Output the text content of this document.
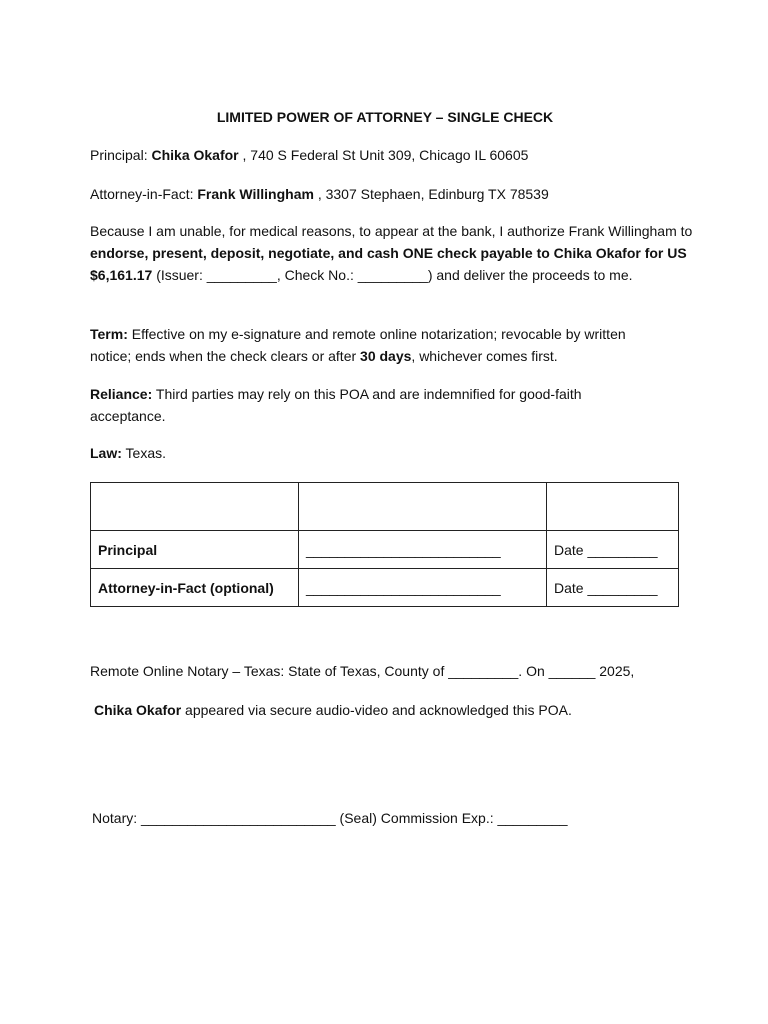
LIMITED POWER OF ATTORNEY – SINGLE CHECK
Principal: Chika Okafor , 740 S Federal St Unit 309, Chicago IL 60605
Attorney-in-Fact: Frank Willingham , 3307 Stephaen, Edinburg TX 78539
Because I am unable, for medical reasons, to appear at the bank, I authorize Frank Willingham to endorse, present, deposit, negotiate, and cash ONE check payable to Chika Okafor for US $6,161.17 (Issuer: _________, Check No.: _________) and deliver the proceeds to me.
Term: Effective on my e-signature and remote online notarization; revocable by written notice; ends when the check clears or after 30 days, whichever comes first.
Reliance: Third parties may rely on this POA and are indemnified for good-faith acceptance.
Law: Texas.

Principal	_________________________	Date _________
Attorney-in-Fact (optional)	_________________________	Date _________
Remote Online Notary – Texas: State of Texas, County of _________. On ______ 2025,
Chika Okafor appeared via secure audio-video and acknowledged this POA.
Notary: _________________________ (Seal) Commission Exp.: _________
